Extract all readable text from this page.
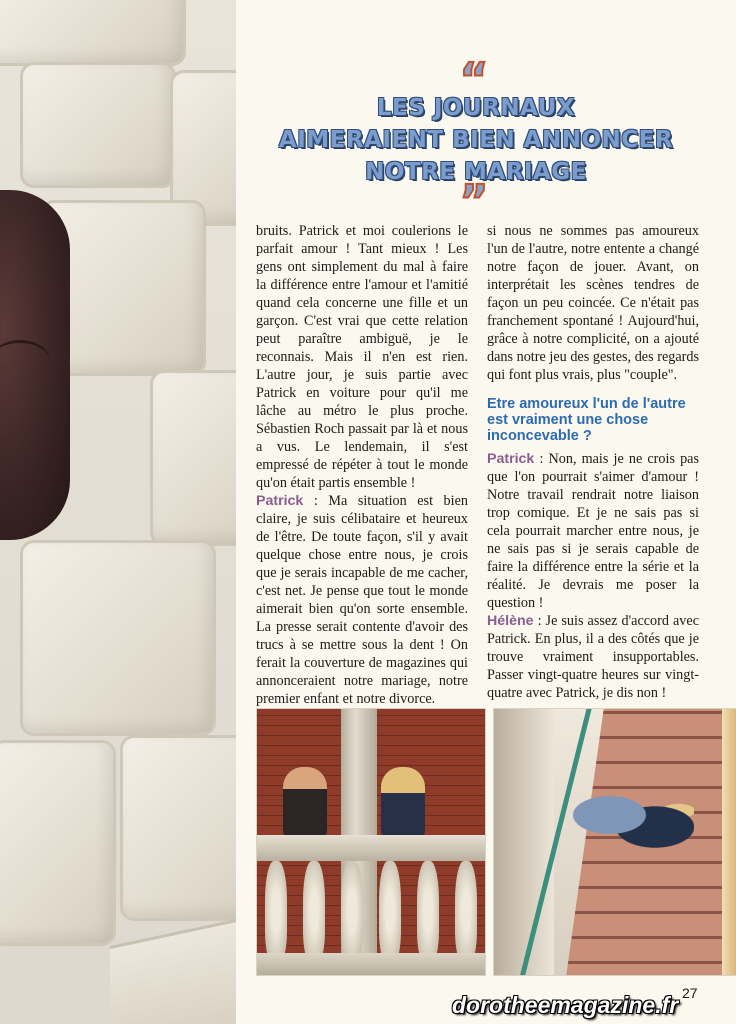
“
LES JOURNAUX
AIMERAIENT BIEN ANNONCER
NOTRE MARIAGE
”

bruits. Patrick et moi coulerions le parfait amour ! Tant mieux ! Les gens ont simplement du mal à faire la différence entre l'amour et l'amitié quand cela concerne une fille et un garçon. C'est vrai que cette relation peut paraître ambiguë, je le reconnais. Mais il n'en est rien. L'autre jour, je suis partie avec Patrick en voiture pour qu'il me lâche au métro le plus proche. Sébastien Roch passait par là et nous a vus. Le lendemain, il s'est empressé de répéter à tout le monde qu'on était partis ensemble !

Patrick : Ma situation est bien claire, je suis célibataire et heureux de l'être. De toute façon, s'il y avait quelque chose entre nous, je crois que je serais incapable de me cacher, c'est net. Je pense que tout le monde aimerait bien qu'on sorte ensemble. La presse serait contente d'avoir des trucs à se mettre sous la dent ! On ferait la couverture de magazines qui annonceraient notre mariage, notre premier enfant et notre divorce.

si nous ne sommes pas amoureux l'un de l'autre, notre entente a changé notre façon de jouer. Avant, on interprétait les scènes tendres de façon un peu coincée. Ce n'était pas franchement spontané ! Aujourd'hui, grâce à notre complicité, on a ajouté dans notre jeu des gestes, des regards qui font plus vrais, plus "couple".

Etre amoureux l'un de l'autre est vraiment une chose inconcevable ?

Patrick : Non, mais je ne crois pas que l'on pourrait s'aimer d'amour ! Notre travail rendrait notre liaison trop comique. Et je ne sais pas si cela pourrait marcher entre nous, je ne sais pas si je serais capable de faire la différence entre la série et la réalité. Je devrais me poser la question !

Hélène : Je suis assez d'accord avec Patrick. En plus, il a des côtés que je trouve vraiment insupportables. Passer vingt-quatre heures sur vingt-quatre avec Patrick, je dis non !

27
dorotheemagazine.fr
